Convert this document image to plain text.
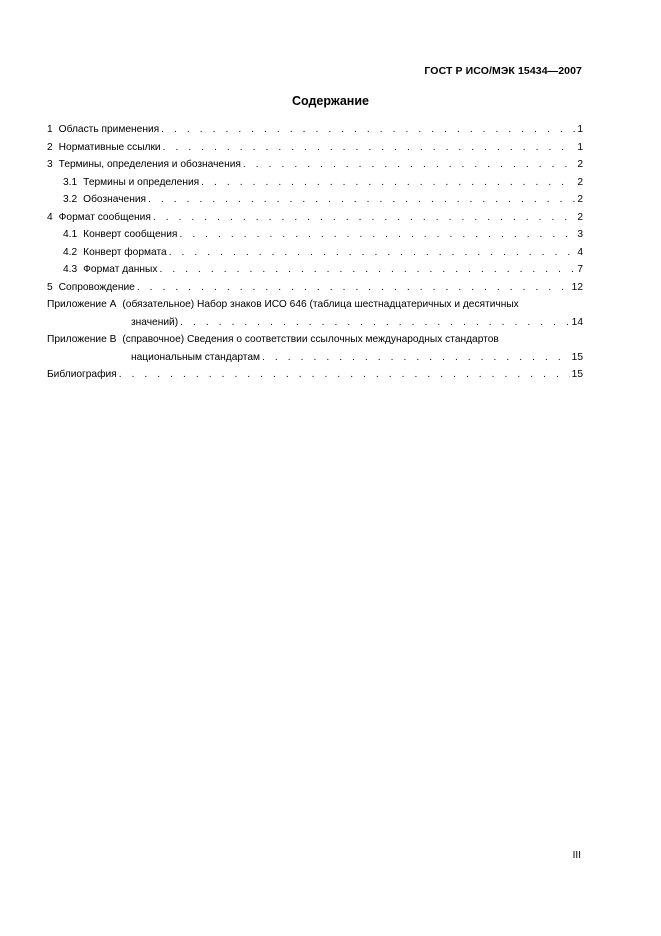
ГОСТ Р ИСО/МЭК 15434—2007
Содержание
1 Область применения . . .	1
2 Нормативные ссылки . . .	1
3 Термины, определения и обозначения . . .	2
3.1 Термины и определения . . .	2
3.2 Обозначения . . .	2
4 Формат сообщения . . .	2
4.1 Конверт сообщения . . .	3
4.2 Конверт формата . . .	4
4.3 Формат данных . . .	7
5 Сопровождение . . .	12
Приложение А (обязательное) Набор знаков ИСО 646 (таблица шестнадцатеричных и десятичных
значений) . . .	14
Приложение В (справочное) Сведения о соответствии ссылочных международных стандартов
национальным стандартам . . .	15
Библиография . . .	15
III
